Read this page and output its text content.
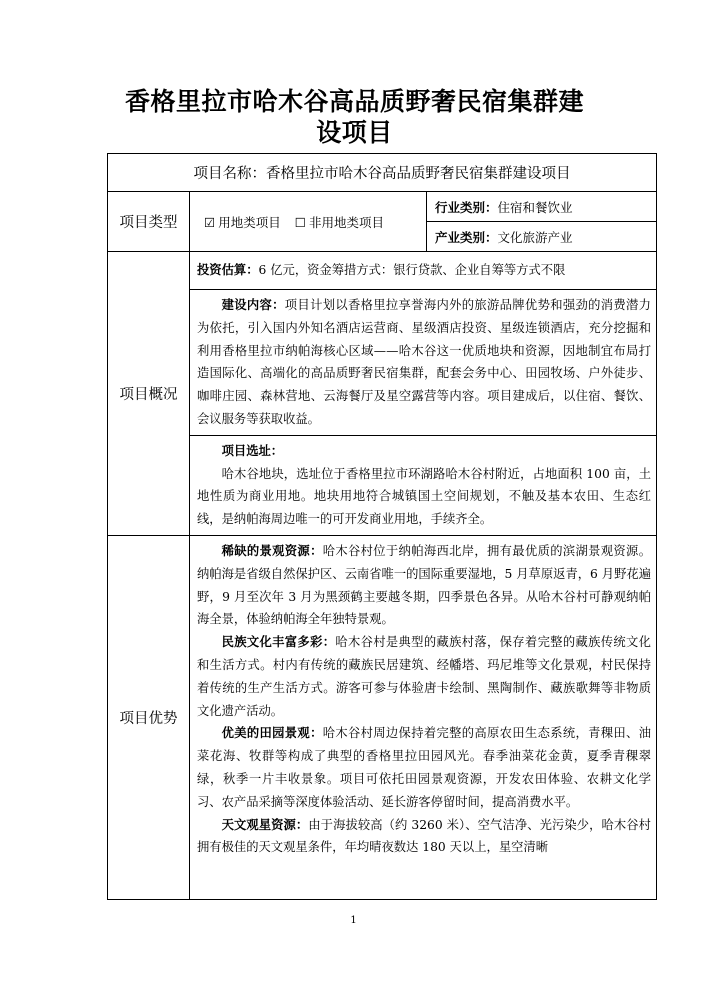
香格里拉市哈木谷高品质野奢民宿集群建
设项目
项目名称：香格里拉市哈木谷高品质野奢民宿集群建设项目		
项目类型	☑ 用地类项目 ☐ 非用地类项目	行业类别：住宿和餐饮业
		产业类别：文化旅游产业
项目概况	投资估算：6 亿元，资金筹措方式：银行贷款、企业自筹等方式不限	

	建设内容：项目计划以香格里拉享誉海内外的旅游品牌优势和强劲的消费潜力为依托，引入国内外知名酒店运营商、星级酒店投资、星级连锁酒店，充分挖掘和利用香格里拉市纳帕海核心区域——哈木谷这一优质地块和资源，因地制宜布局打造国际化、高端化的高品质野奢民宿集群，配套会务中心、田园牧场、户外徒步、咖啡庄园、森林营地、云海餐厅及星空露营等内容。项目建成后，以住宿、餐饮、会议服务等获取收益。	

	项目选址：

哈木谷地块，选址位于香格里拉市环湖路哈木谷村附近，占地面积 100 亩，土地性质为商业用地。地块用地符合城镇国土空间规划，不触及基本农田、生态红线，是纳帕海周边唯一的可开发商业用地，手续齐全。	

项目优势	稀缺的景观资源：哈木谷村位于纳帕海西北岸，拥有最优质的滨湖景观资源。纳帕海是省级自然保护区、云南省唯一的国际重要湿地，5 月草原返青，6 月野花遍野，9 月至次年 3 月为黑颈鹤主要越冬期，四季景色各异。从哈木谷村可静观纳帕海全景，体验纳帕海全年独特景观。

民族文化丰富多彩：哈木谷村是典型的藏族村落，保存着完整的藏族传统文化和生活方式。村内有传统的藏族民居建筑、经幡塔、玛尼堆等文化景观，村民保持着传统的生产生活方式。游客可参与体验唐卡绘制、黑陶制作、藏族歌舞等非物质文化遗产活动。

优美的田园景观：哈木谷村周边保持着完整的高原农田生态系统，青稞田、油菜花海、牧群等构成了典型的香格里拉田园风光。春季油菜花金黄，夏季青稞翠绿，秋季一片丰收景象。项目可依托田园景观资源，开发农田体验、农耕文化学习、农产品采摘等深度体验活动、延长游客停留时间，提高消费水平。

天文观星资源：由于海拔较高（约 3260 米）、空气洁净、光污染少，哈木谷村拥有极佳的天文观星条件，年均晴夜数达 180 天以上，星空清晰	

1
